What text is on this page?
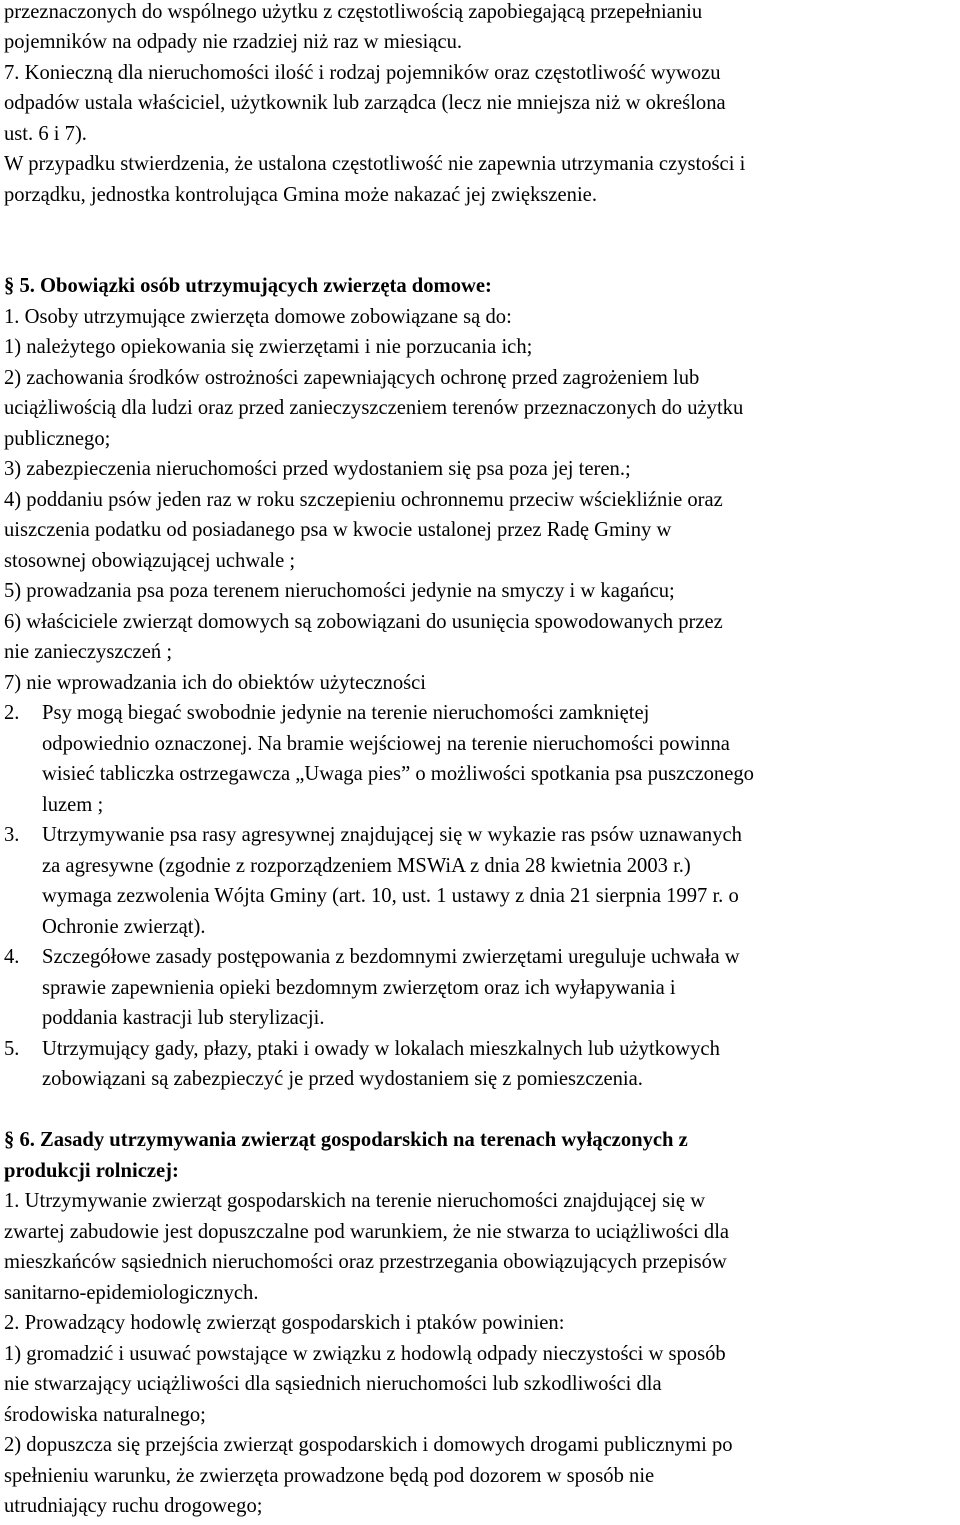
przeznaczonych do wspólnego użytku z częstotliwością zapobiegającą przepełnianiu
pojemników na odpady nie rzadziej niż raz w miesiącu.
7. Konieczną dla nieruchomości ilość i rodzaj pojemników oraz częstotliwość wywozu
odpadów ustala właściciel, użytkownik lub zarządca (lecz nie mniejsza niż w określona
ust. 6 i 7).
W przypadku stwierdzenia, że ustalona częstotliwość nie zapewnia utrzymania czystości i
porządku, jednostka kontrolująca Gmina może nakazać jej zwiększenie.
§ 5. Obowiązki osób utrzymujących zwierzęta domowe:
1. Osoby utrzymujące zwierzęta domowe zobowiązane są do:
1) należytego opiekowania się zwierzętami i nie porzucania ich;
2) zachowania środków ostrożności zapewniających ochronę przed zagrożeniem lub
uciążliwością dla ludzi oraz przed zanieczyszczeniem terenów przeznaczonych do użytku
publicznego;
3) zabezpieczenia nieruchomości przed wydostaniem się psa poza jej teren.;
4) poddaniu psów jeden raz w roku szczepieniu ochronnemu przeciw wściekliźnie oraz
uiszczenia podatku od posiadanego psa w kwocie ustalonej przez Radę Gminy w
stosownej obowiązującej uchwale ;
5) prowadzania psa poza terenem nieruchomości jedynie na smyczy i w kagańcu;
6) właściciele zwierząt domowych są zobowiązani do usunięcia spowodowanych przez
nie zanieczyszczeń ;
7) nie wprowadzania ich do obiektów użyteczności
2. Psy mogą biegać swobodnie jedynie na terenie nieruchomości zamkniętej
odpowiednio oznaczonej. Na bramie wejściowej na terenie nieruchomości powinna
wisieć tabliczka ostrzegawcza „Uwaga pies” o możliwości spotkania psa puszczonego
luzem ;
3. Utrzymywanie psa rasy agresywnej znajdującej się w wykazie ras psów uznawanych
za agresywne (zgodnie z rozporządzeniem MSWiA z dnia 28 kwietnia 2003 r.)
wymaga zezwolenia Wójta Gminy (art. 10, ust. 1 ustawy z dnia 21 sierpnia 1997 r. o
Ochronie zwierząt).
4. Szczegółowe zasady postępowania z bezdomnymi zwierzętami ureguluje uchwała w
sprawie zapewnienia opieki bezdomnym zwierzętom oraz ich wyłapywania i
poddania kastracji lub sterylizacji.
5. Utrzymujący gady, płazy, ptaki i owady w lokalach mieszkalnych lub użytkowych
zobowiązani są zabezpieczyć je przed wydostaniem się z pomieszczenia.
§ 6. Zasady utrzymywania zwierząt gospodarskich na terenach wyłączonych z
produkcji rolniczej:
1. Utrzymywanie zwierząt gospodarskich na terenie nieruchomości znajdującej się w
zwartej zabudowie jest dopuszczalne pod warunkiem, że nie stwarza to uciążliwości dla
mieszkańców sąsiednich nieruchomości oraz przestrzegania obowiązujących przepisów
sanitarno-epidemiologicznych.
2. Prowadzący hodowlę zwierząt gospodarskich i ptaków powinien:
1) gromadzić i usuwać powstające w związku z hodowlą odpady nieczystości w sposób
nie stwarzający uciążliwości dla sąsiednich nieruchomości lub szkodliwości dla
środowiska naturalnego;
2) dopuszcza się przejścia zwierząt gospodarskich i domowych drogami publicznymi po
spełnieniu warunku, że zwierzęta prowadzone będą pod dozorem w sposób nie
utrudniający ruchu drogowego;
